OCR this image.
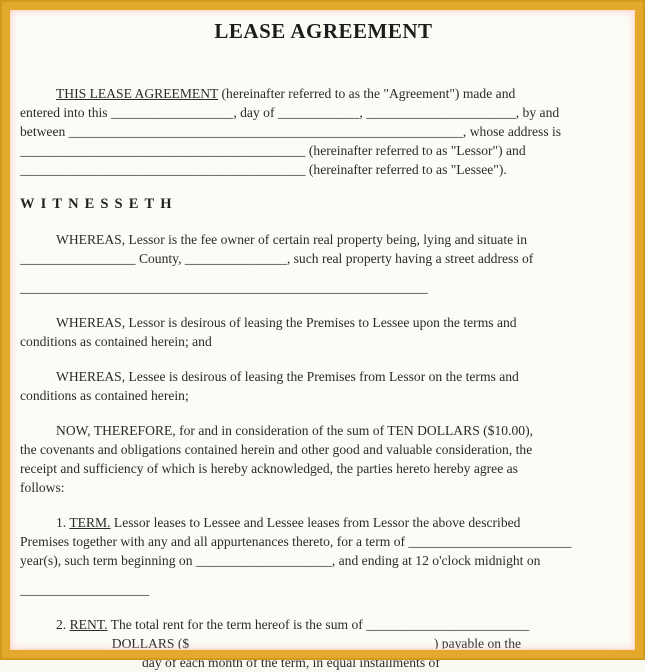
LEASE AGREEMENT
THIS LEASE AGREEMENT (hereinafter referred to as the "Agreement") made and
entered into this __________________, day of ____________, ______________________, by and
between __________________________________________________________, whose address is
__________________________________________ (hereinafter referred to as "Lessor") and
__________________________________________ (hereinafter referred to as "Lessee").
WITNESSETH
WHEREAS, Lessor is the fee owner of certain real property being, lying and situate in
_________________ County, _______________, such real property having a street address of
____________________________________________________________
WHEREAS, Lessor is desirous of leasing the Premises to Lessee upon the terms and
conditions as contained herein; and
WHEREAS, Lessee is desirous of leasing the Premises from Lessor on the terms and
conditions as contained herein;
NOW, THEREFORE, for and in consideration of the sum of TEN DOLLARS ($10.00),
the covenants and obligations contained herein and other good and valuable consideration, the
receipt and sufficiency of which is hereby acknowledged, the parties hereto hereby agree as
follows:
1. TERM. Lessor leases to Lessee and Lessee leases from Lessor the above described
Premises together with any and all appurtenances thereto, for a term of ________________________
year(s), such term beginning on ____________________, and ending at 12 o'clock midnight on
___________________
2. RENT. The total rent for the term hereof is the sum of ________________________
_____________ DOLLARS ($____________________________________) payable on the _____________
day of each month of the term, in equal installments of
